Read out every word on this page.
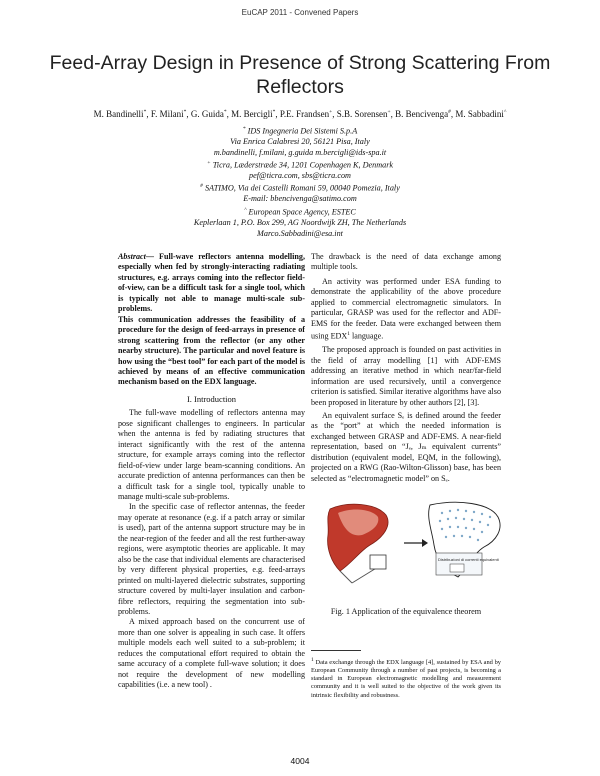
EuCAP 2011 - Convened Papers
Feed-Array Design in Presence of Strong Scattering From Reflectors
M. Bandinelli*, F. Milani*, G. Guida*, M. Bercigli*, P.E. Frandsen+, S.B. Sorensen+, B. Bencivenga#, M. Sabbadini^
* IDS Ingegneria Dei Sistemi S.p.A
Via Enrica Calabresi 20, 56121 Pisa, Italy
m.bandinelli, f.milani, g.guida m.bercigli@ids-spa.it
+ Ticra, Læderstræde 34, 1201 Copenhagen K, Denmark
pef@ticra.com, sbs@ticra.com
# SATIMO, Via dei Castelli Romani 59, 00040 Pomezia, Italy
E-mail: bbencivenga@satimo.com
^ European Space Agency, ESTEC
Keplerlaan 1, P.O. Box 299, AG Noordwijk ZH, The Netherlands
Marco.Sabbadini@esa.int

Abstract— Full-wave reflectors antenna modelling, especially when fed by strongly-interacting radiating structures, e.g. arrays coming into the reflector field-of-view, can be a difficult task for a single tool, which is typically not able to manage multi-scale sub-problems.

This communication addresses the feasibility of a procedure for the design of feed-arrays in presence of strong scattering from the reflector (or any other nearby structure). The particular and novel feature is how using the “best tool” for each part of the model is achieved by means of an effective communication mechanism based on the EDX language.

I. Introduction

The full-wave modelling of reflectors antenna may pose significant challenges to engineers. In particular when the antenna is fed by radiating structures that interact significantly with the rest of the antenna structure, for example arrays coming into the reflector field-of-view under large beam-scanning conditions. An accurate prediction of antenna performances can then be a difficult task for a single tool, typically unable to manage multi-scale sub-problems.

In the specific case of reflector antennas, the feeder may operate at resonance (e.g. if a patch array or similar is used), part of the antenna support structure may be in the near-region of the feeder and all the rest further-away regions, were asymptotic theories are applicable. It may also be the case that individual elements are characterised by very different physical properties, e.g. feed-arrays printed on multi-layered dielectric substrates, supporting structure covered by multi-layer insulation and carbon-fibre reflectors, requiring the segmentation into sub-problems.

A mixed approach based on the concurrent use of more than one solver is appealing in such case. It offers multiple models each well suited to a sub-problem; it reduces the computational effort required to obtain the same accuracy of a complete full-wave solution; it does not require the development of new modelling capabilities (i.e. a new tool) .

The drawback is the need of data exchange among multiple tools.

An activity was performed under ESA funding to demonstrate the applicability of the above procedure applied to commercial electromagnetic simulators. In particular, GRASP was used for the reflector and ADF-EMS for the feeder. Data were exchanged between them using EDX$^1$ language.

The proposed approach is founded on past activities in the field of array modelling [1] with ADF-EMS addressing an iterative method in which near/far-field information are used recursively, until a convergence criterion is satisfied. Similar iterative algorithms have also been proposed in literature by other authors [2], [3].

An equivalent surface Sₑ is defined around the feeder as the “port” at which the needed information is exchanged between GRASP and ADF-EMS. A near-field representation, based on “Jₑ, Jₘ equivalent currents” distribution (equivalent model, EQM, in the following), projected on a RWG (Rao-Wilton-Glisson) base, has been selected as “electromagnetic model” on Sₑ.

Distribuzioni di correnti equivalenti
Fig. 1 Application of the equivalence theorem
$^1$ Data exchange through the EDX language [4], sustained by ESA and by European Community through a number of past projects, is becoming a standard in European electromagnetic modelling and measurement community and it is well suited to the objective of the work given its intrinsic flexibility and robustness.
4004
